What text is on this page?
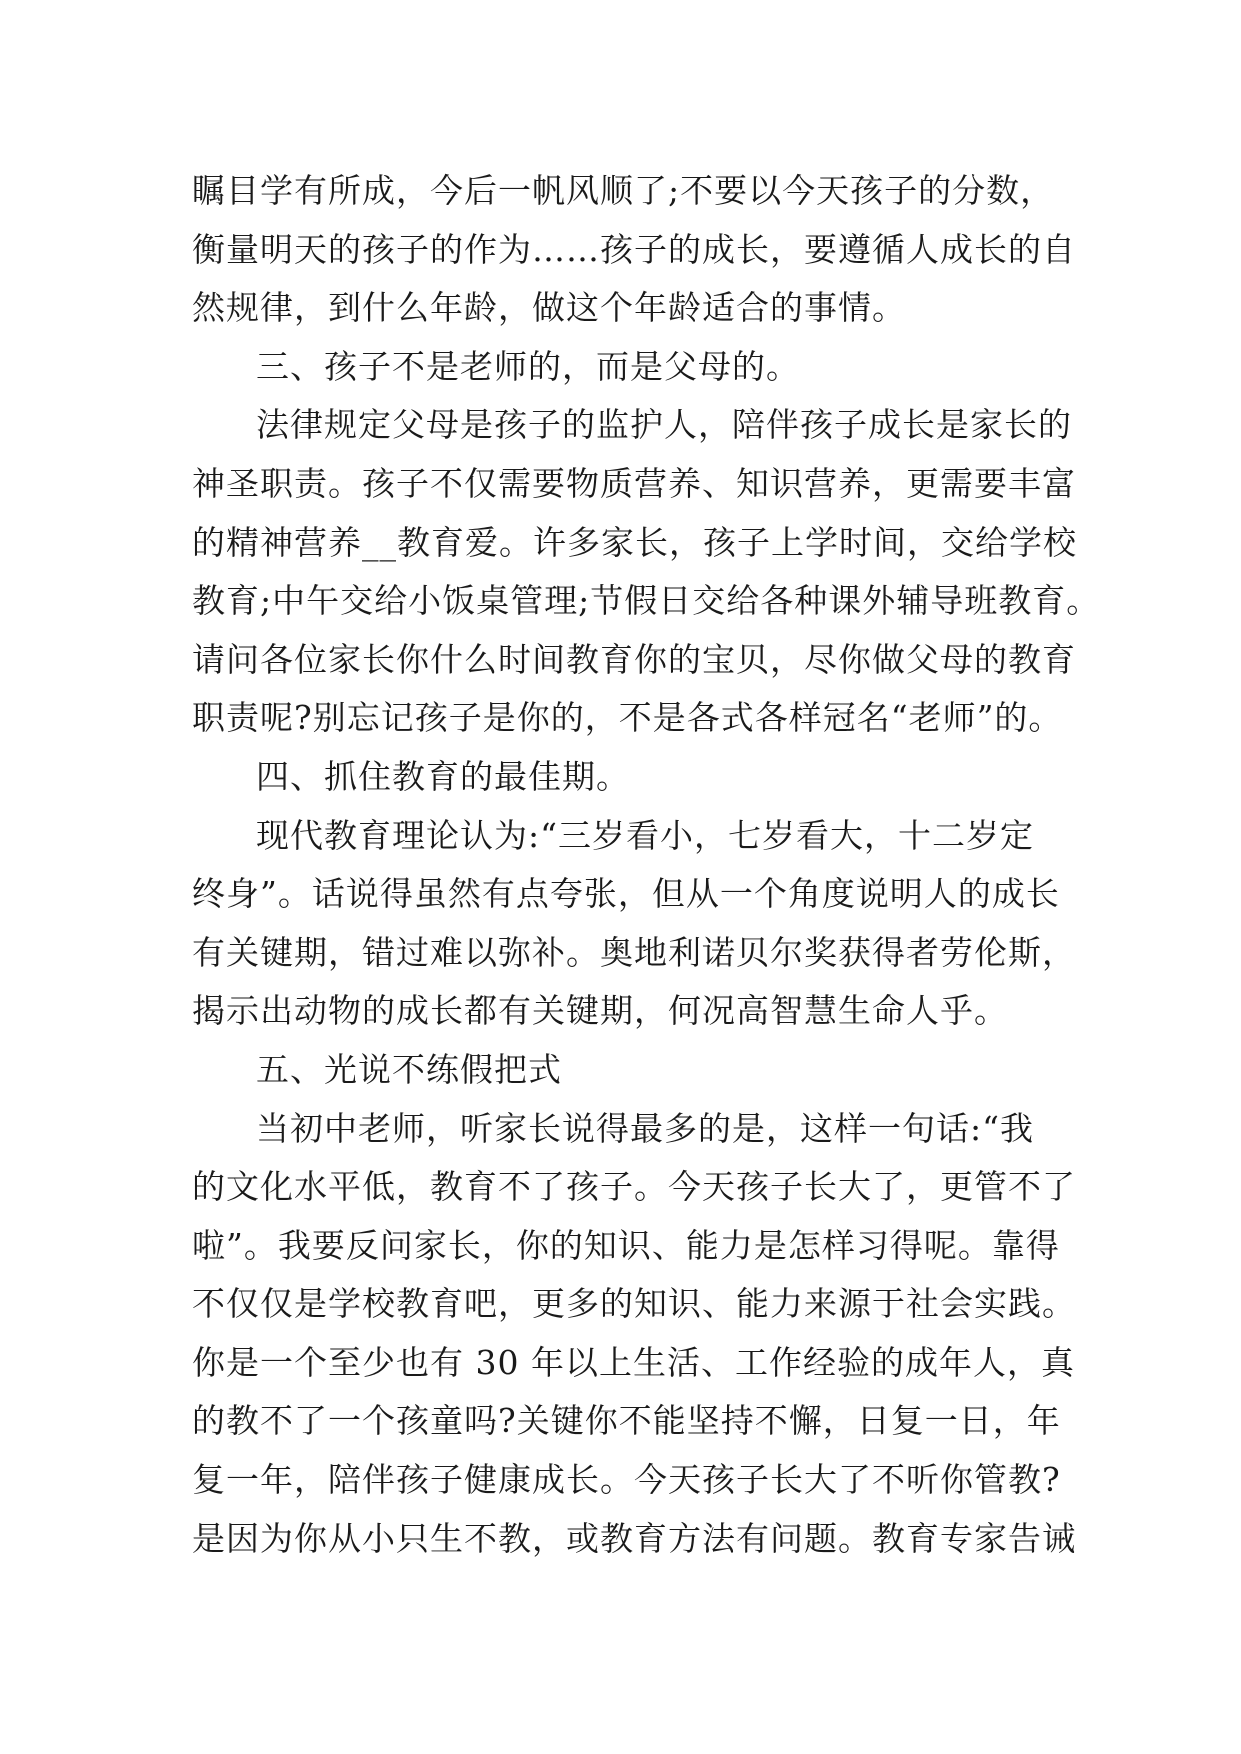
瞩目学有所成，今后一帆风顺了;不要以今天孩子的分数，
衡量明天的孩子的作为……孩子的成长，要遵循人成长的自
然规律，到什么年龄，做这个年龄适合的事情。
三、孩子不是老师的，而是父母的。
法律规定父母是孩子的监护人，陪伴孩子成长是家长的
神圣职责。孩子不仅需要物质营养、知识营养，更需要丰富
的精神营养__教育爱。许多家长，孩子上学时间，交给学校
教育;中午交给小饭桌管理;节假日交给各种课外辅导班教育。
请问各位家长你什么时间教育你的宝贝，尽你做父母的教育
职责呢?别忘记孩子是你的，不是各式各样冠名“老师”的。
四、抓住教育的最佳期。
现代教育理论认为:“三岁看小，七岁看大，十二岁定
终身”。话说得虽然有点夸张，但从一个角度说明人的成长
有关键期，错过难以弥补。奥地利诺贝尔奖获得者劳伦斯，
揭示出动物的成长都有关键期，何况高智慧生命人乎。
五、光说不练假把式
当初中老师，听家长说得最多的是，这样一句话:“我
的文化水平低，教育不了孩子。今天孩子长大了，更管不了
啦”。我要反问家长，你的知识、能力是怎样习得呢。靠得
不仅仅是学校教育吧，更多的知识、能力来源于社会实践。
你是一个至少也有 30 年以上生活、工作经验的成年人，真
的教不了一个孩童吗?关键你不能坚持不懈，日复一日，年
复一年，陪伴孩子健康成长。今天孩子长大了不听你管教?
是因为你从小只生不教，或教育方法有问题。教育专家告诫
